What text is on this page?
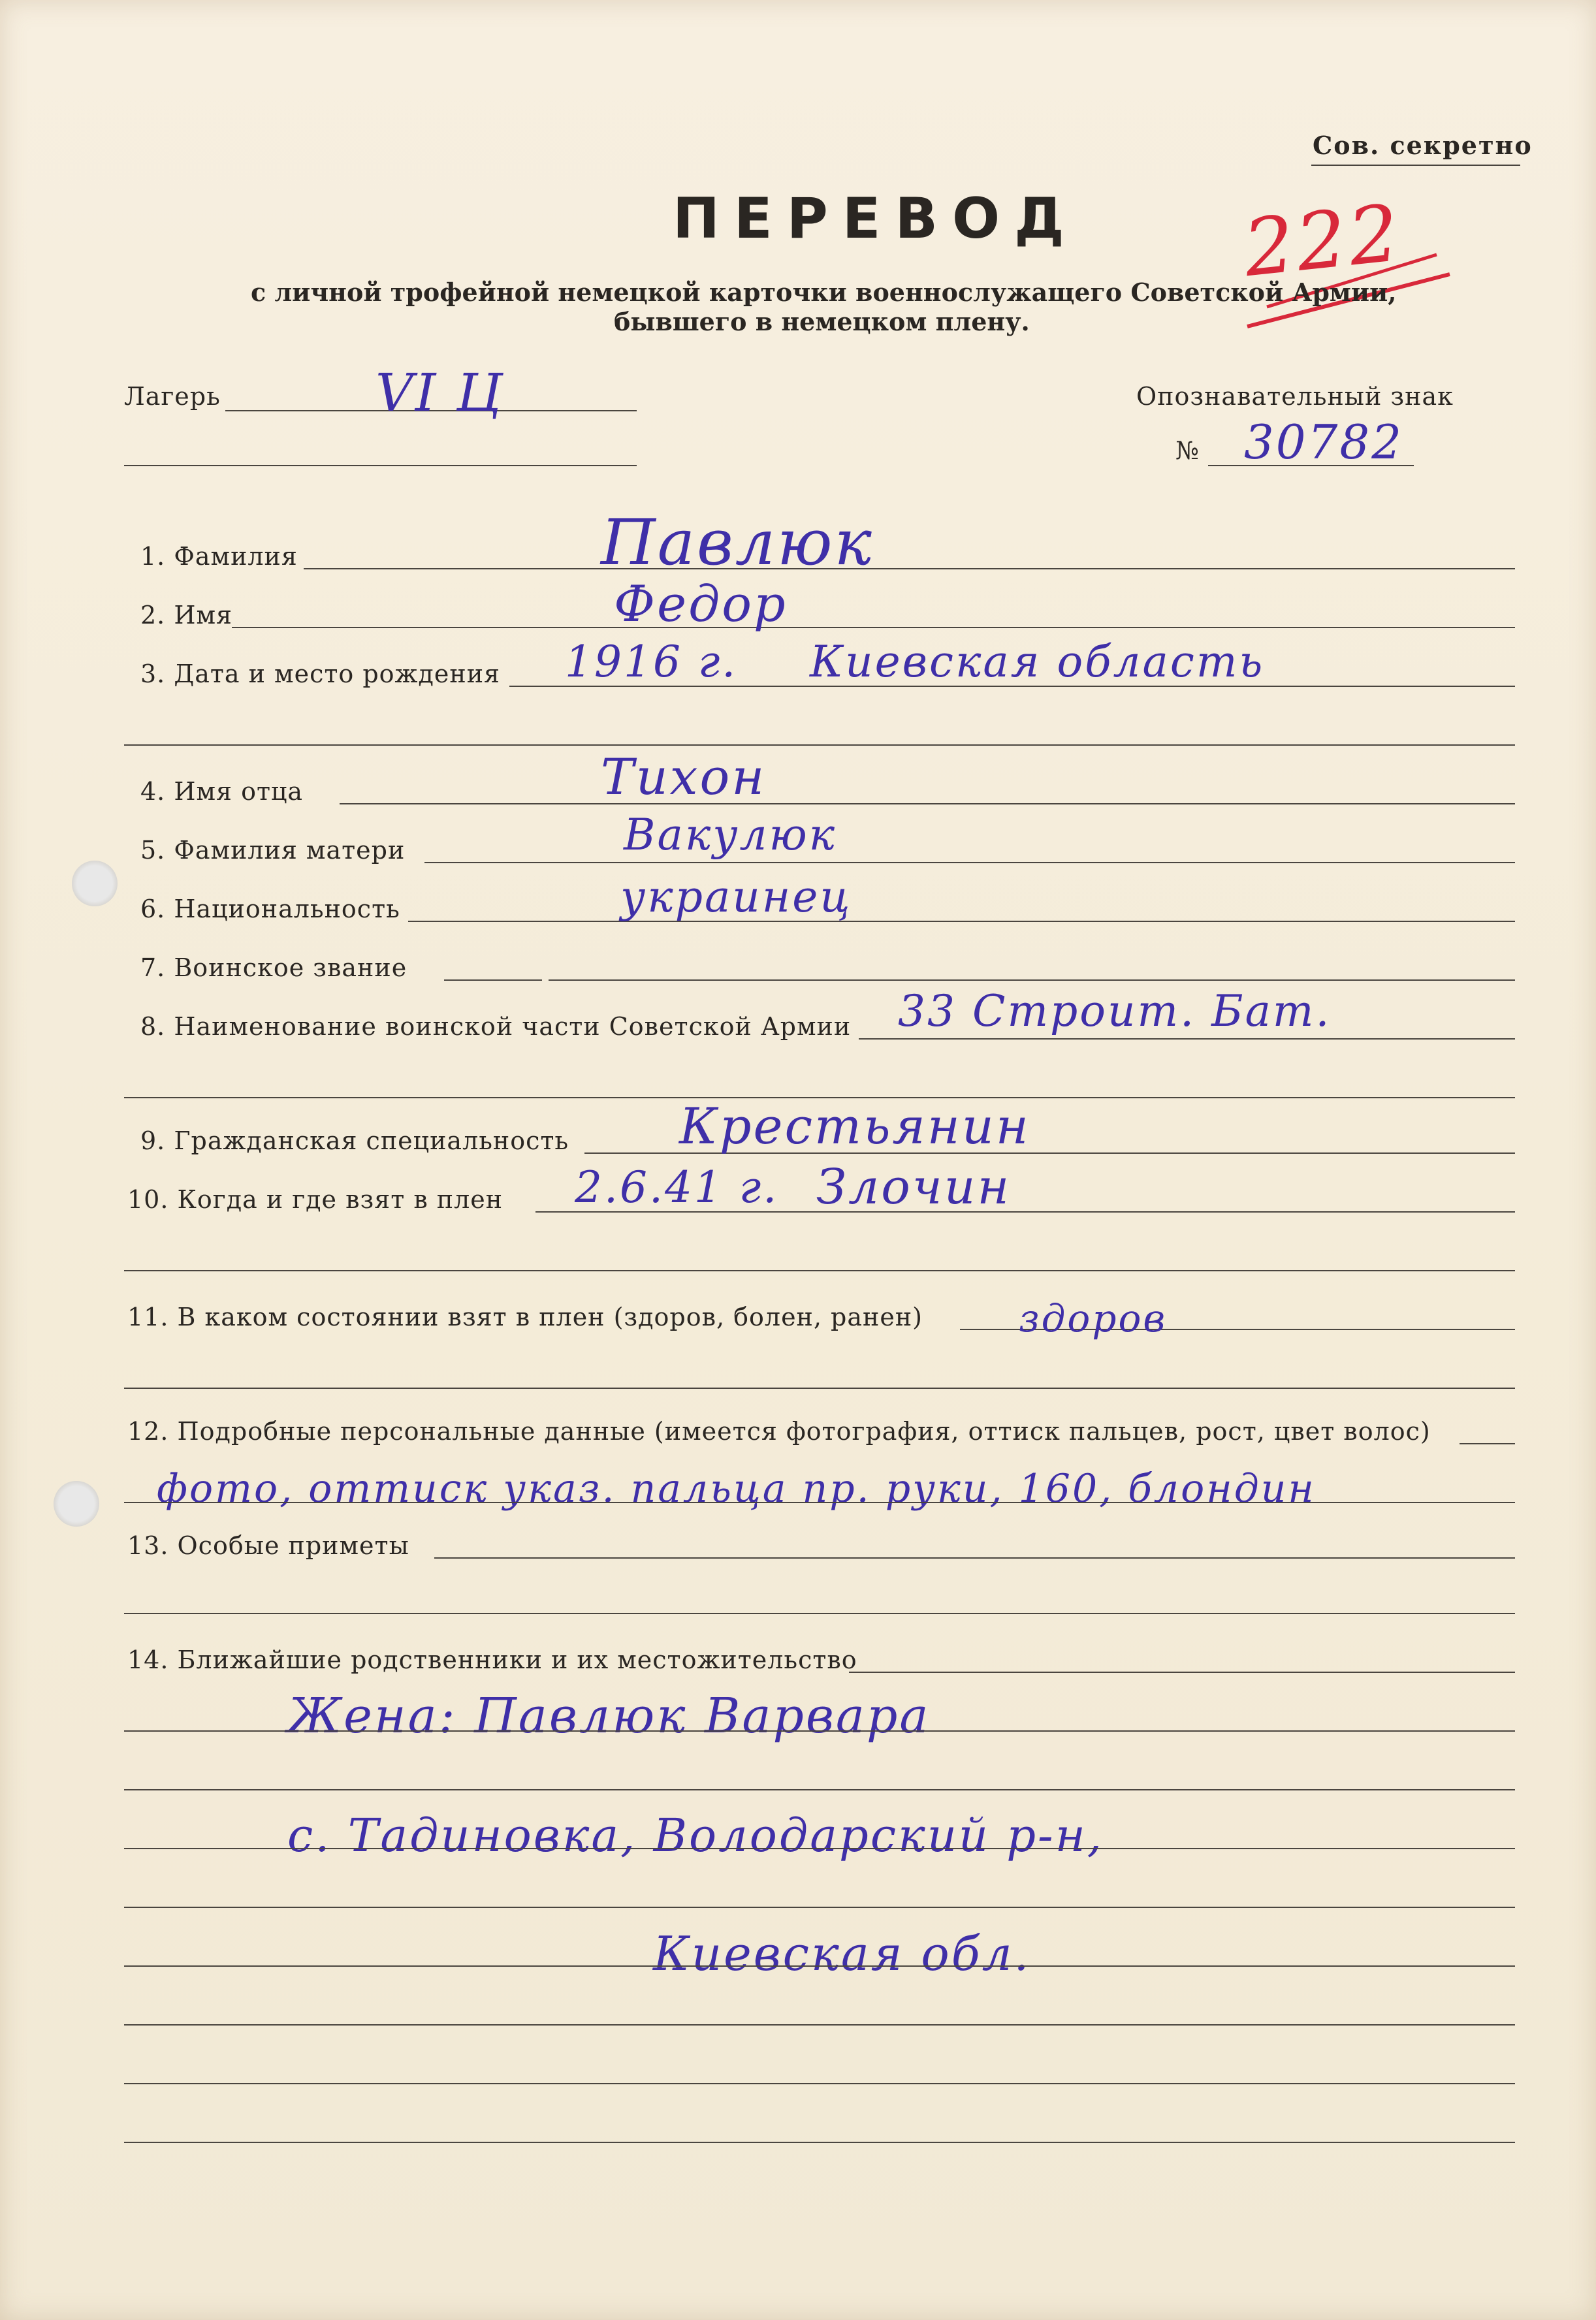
Сов. секретно
ПЕРЕВОД 222
с личной трофейной немецкой карточки военнослужащего Советской Армии,
бывшего в немецком плену.
Лагерь	VI Ц	Опознавательный знак
№ 30782
1. Фамилия	Павлюк
2. Имя	Федор
3. Дата и место рождения 1916 г. Киевская область
4. Имя отца	Тихон
5. Фамилия матери	Вакулюк
6. Национальность	украинец
7. Воинское звание
8. Наименование воинской части Советской Армии 33 Строит. Бат.
9. Гражданская специальность Крестьянин
10. Когда и где взят в плен 2.6.41 г. Злочин
11. В каком состоянии взят в плен (здоров, болен, ранен)	здоров
12. Подробные персональные данные (имеется фотография, оттиск пальцев, рост, цвет волос)
фото, оттиск указ. пальца пр. руки, 160, блондин
13. Особые приметы
14. Ближайшие родственники и их местожительство
Жена: Павлюк Варвара
с. Тадиновка, Володарский р-н,
Киевская обл.
